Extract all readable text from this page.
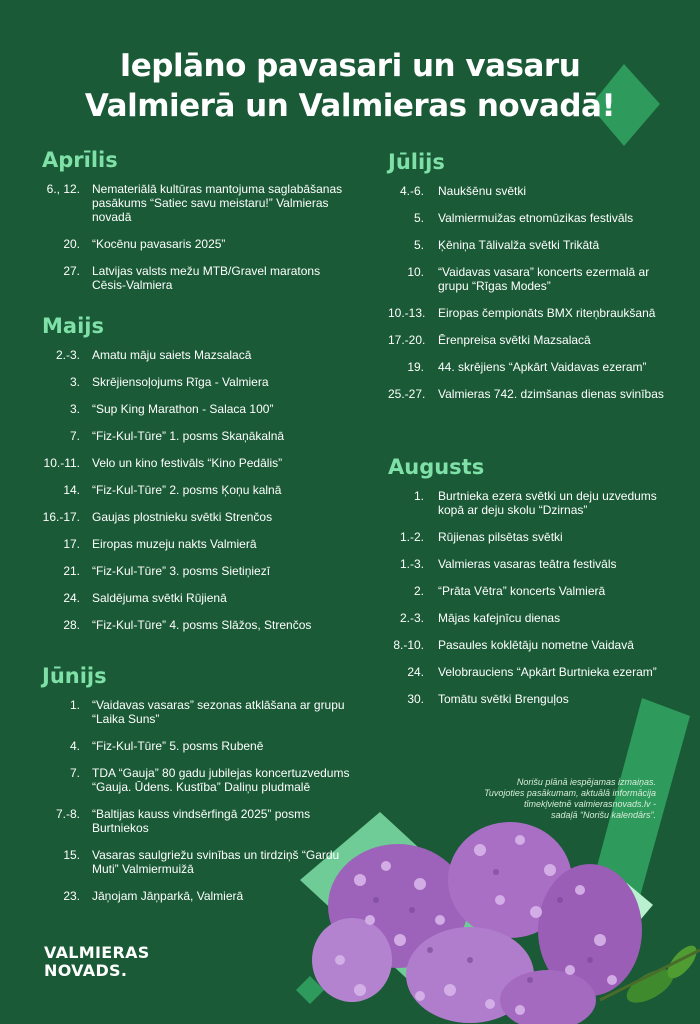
Ieplāno pavasari un vasaru
Valmierā un Valmieras novadā!
Aprīlis
6., 12. Nemateriālā kultūras mantojuma saglabāšanas pasākums “Satiec savu meistaru!” Valmieras novadā
20. “Kocēnu pavasaris 2025”
27. Latvijas valsts mežu MTB/Gravel maratons Cēsis-Valmiera
Maijs
2.-3. Amatu māju saiets Mazsalacā
3. Skrējiensoļojums Rīga - Valmiera
3. “Sup King Marathon - Salaca 100”
7. “Fiz-Kul-Tūre” 1. posms Skaņākalnā
10.-11. Velo un kino festivāls “Kino Pedālis”
14. “Fiz-Kul-Tūre” 2. posms Ķoņu kalnā
16.-17. Gaujas plostnieku svētki Strenčos
17. Eiropas muzeju nakts Valmierā
21. “Fiz-Kul-Tūre” 3. posms Sietiņiezī
24. Saldējuma svētki Rūjienā
28. “Fiz-Kul-Tūre” 4. posms Slāžos, Strenčos
Jūnijs
1. “Vaidavas vasaras” sezonas atklāšana ar grupu “Laika Suns”
4. “Fiz-Kul-Tūre” 5. posms Rubenē
7. TDA “Gauja” 80 gadu jubilejas koncertuzvedums “Gauja. Ūdens. Kustība” Daliņu pludmalē
7.-8. “Baltijas kauss vindsērfingā 2025” posms Burtniekos
15. Vasaras saulgriežu svinības un tirdziņš “Gardu Muti” Valmiermuižā
23. Jāņojam Jāņparkā, Valmierā
Jūlijs
4.-6. Naukšēnu svētki
5. Valmiermuižas etnomūzikas festivāls
5. Ķēniņa Tālivalža svētki Trikātā
10. “Vaidavas vasara” koncerts ezermalā ar grupu “Rīgas Modes”
10.-13. Eiropas čempionāts BMX riteņbraukšanā
17.-20. Ērenpreisa svētki Mazsalacā
19. 44. skrējiens “Apkārt Vaidavas ezeram”
25.-27. Valmieras 742. dzimšanas dienas svinības
Augusts
1. Burtnieka ezera svētki un deju uzvedums kopā ar deju skolu “Dzirnas”
1.-2. Rūjienas pilsētas svētki
1.-3. Valmieras vasaras teātra festivāls
2. “Prāta Vētra” koncerts Valmierā
2.-3. Mājas kafejnīcu dienas
8.-10. Pasaules koklētāju nometne Vaidavā
24. Velobrauciens “Apkārt Burtnieka ezeram”
30. Tomātu svētki Brenguļos
Norišu plānā iespējamas izmaiņas.
Tuvojoties pasākumam, aktuālā informācija
tīmekļvietnē valmierasnovads.lv -
sadaļā “Norišu kalendārs”.
VALMIERAS
NOVADS.
